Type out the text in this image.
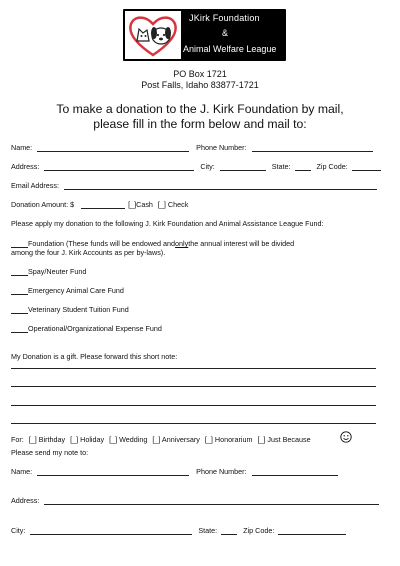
JKirk Foundation
&
Animal Welfare League
PO Box 1721
Post Falls, Idaho 83877-1721
To make a donation to the J. Kirk Foundation by mail,
please fill in the form below and mail to:
Name:	Phone Number:
Address:	City:	State:	Zip Code:
Email Address:
Donation Amount: $	[_]Cash [_] Check
Please apply my donation to the following J. Kirk Foundation and Animal Assistance League Fund:
Foundation (These funds will be endowed andonlythe annual interest will be divided
among the four J. Kirk Accounts as per by-laws).
Spay/Neuter Fund
Emergency Animal Care Fund
Veterinary Student Tuition Fund
Operational/Organizational Expense Fund
My Donation is a gift. Please forward this short note:
For: [_] Birthday [_] Holiday [_] Wedding [_] Anniversary [_] Honorarium [_] Just Because
Please send my note to:
Name:	Phone Number:
Address:
City:	State:	Zip Code:
